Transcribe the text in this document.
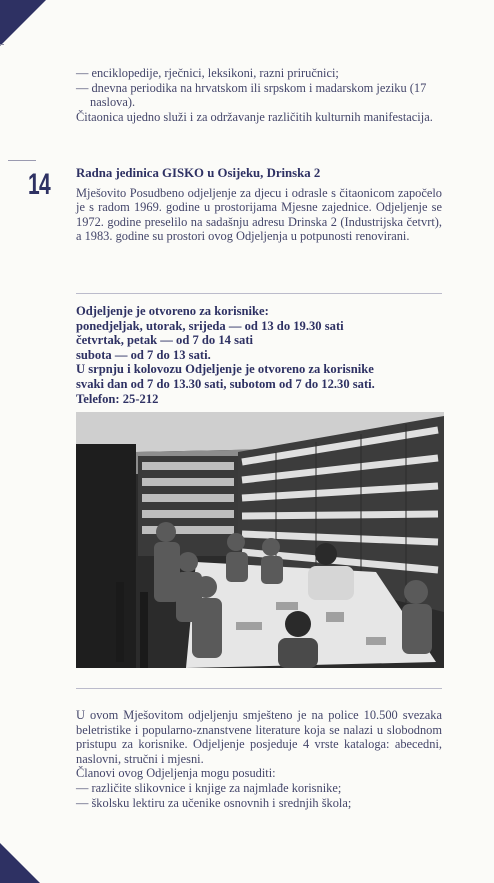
— enciklopedije, rječnici, leksikoni, razni priručnici;

— dnevna periodika na hrvatskom ili srpskom i madarskom jeziku (17 naslova).

Čitaonica ujedno služi i za održavanje različitih kulturnih manifestacija.

14 Radna jedinica GISKO u Osijeku, Drinska 2

Mješovito Posudbeno odjeljenje za djecu i odrasle s čitaonicom započelo je s radom 1969. godine u prostorijama Mjesne zajednice. Odjeljenje se 1972. godine preselilo na sadašnju adresu Drinska 2 (Industrijska četvrt), a 1983. godine su prostori ovog Odjeljenja u potpunosti renovirani.

Odjeljenje je otvoreno za korisnike:

ponedjeljak, utorak, srijeda — od 13 do 19.30 sati

četvrtak, petak — od 7 do 14 sati

subota — od 7 do 13 sati.

U srpnju i kolovozu Odjeljenje je otvoreno za korisnike

svaki dan od 7 do 13.30 sati, subotom od 7 do 12.30 sati.

Telefon: 25-212

U ovom Mješovitom odjeljenju smješteno je na police 10.500 svezaka beletristike i popularno-znanstvene literature koja se nalazi u slobodnom pristupu za korisnike. Odjeljenje posjeduje 4 vrste kataloga: abecedni, naslovni, stručni i mjesni.

Članovi ovog Odjeljenja mogu posuditi:

— različite slikovnice i knjige za najmlađe korisnike;

— školsku lektiru za učenike osnovnih i srednjih škola;
